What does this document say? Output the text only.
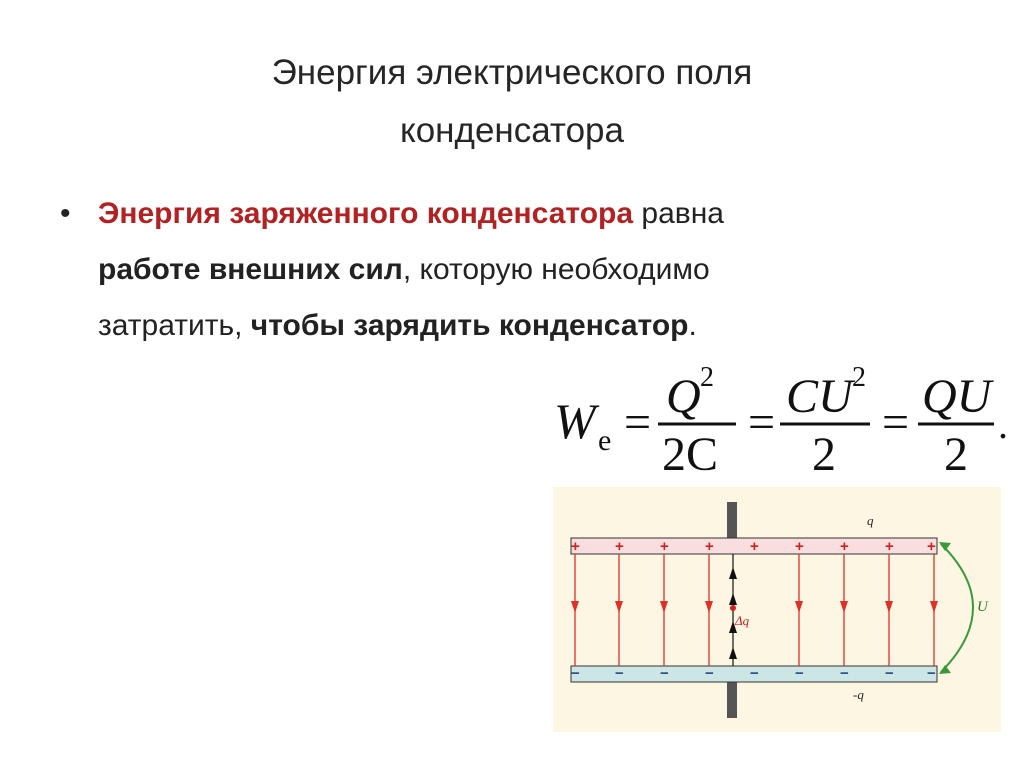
Энергия электрического поля
конденсатора
• Энергия заряженного конденсатора равна
работе внешних сил, которую необходимо
затратить, чтобы зарядить конденсатор.
W e = Q 2
2C
= CU 2
2
= QU
2
.
+ + + + + + + + +
− − − − − − − − −
Δq
q
-q
U
